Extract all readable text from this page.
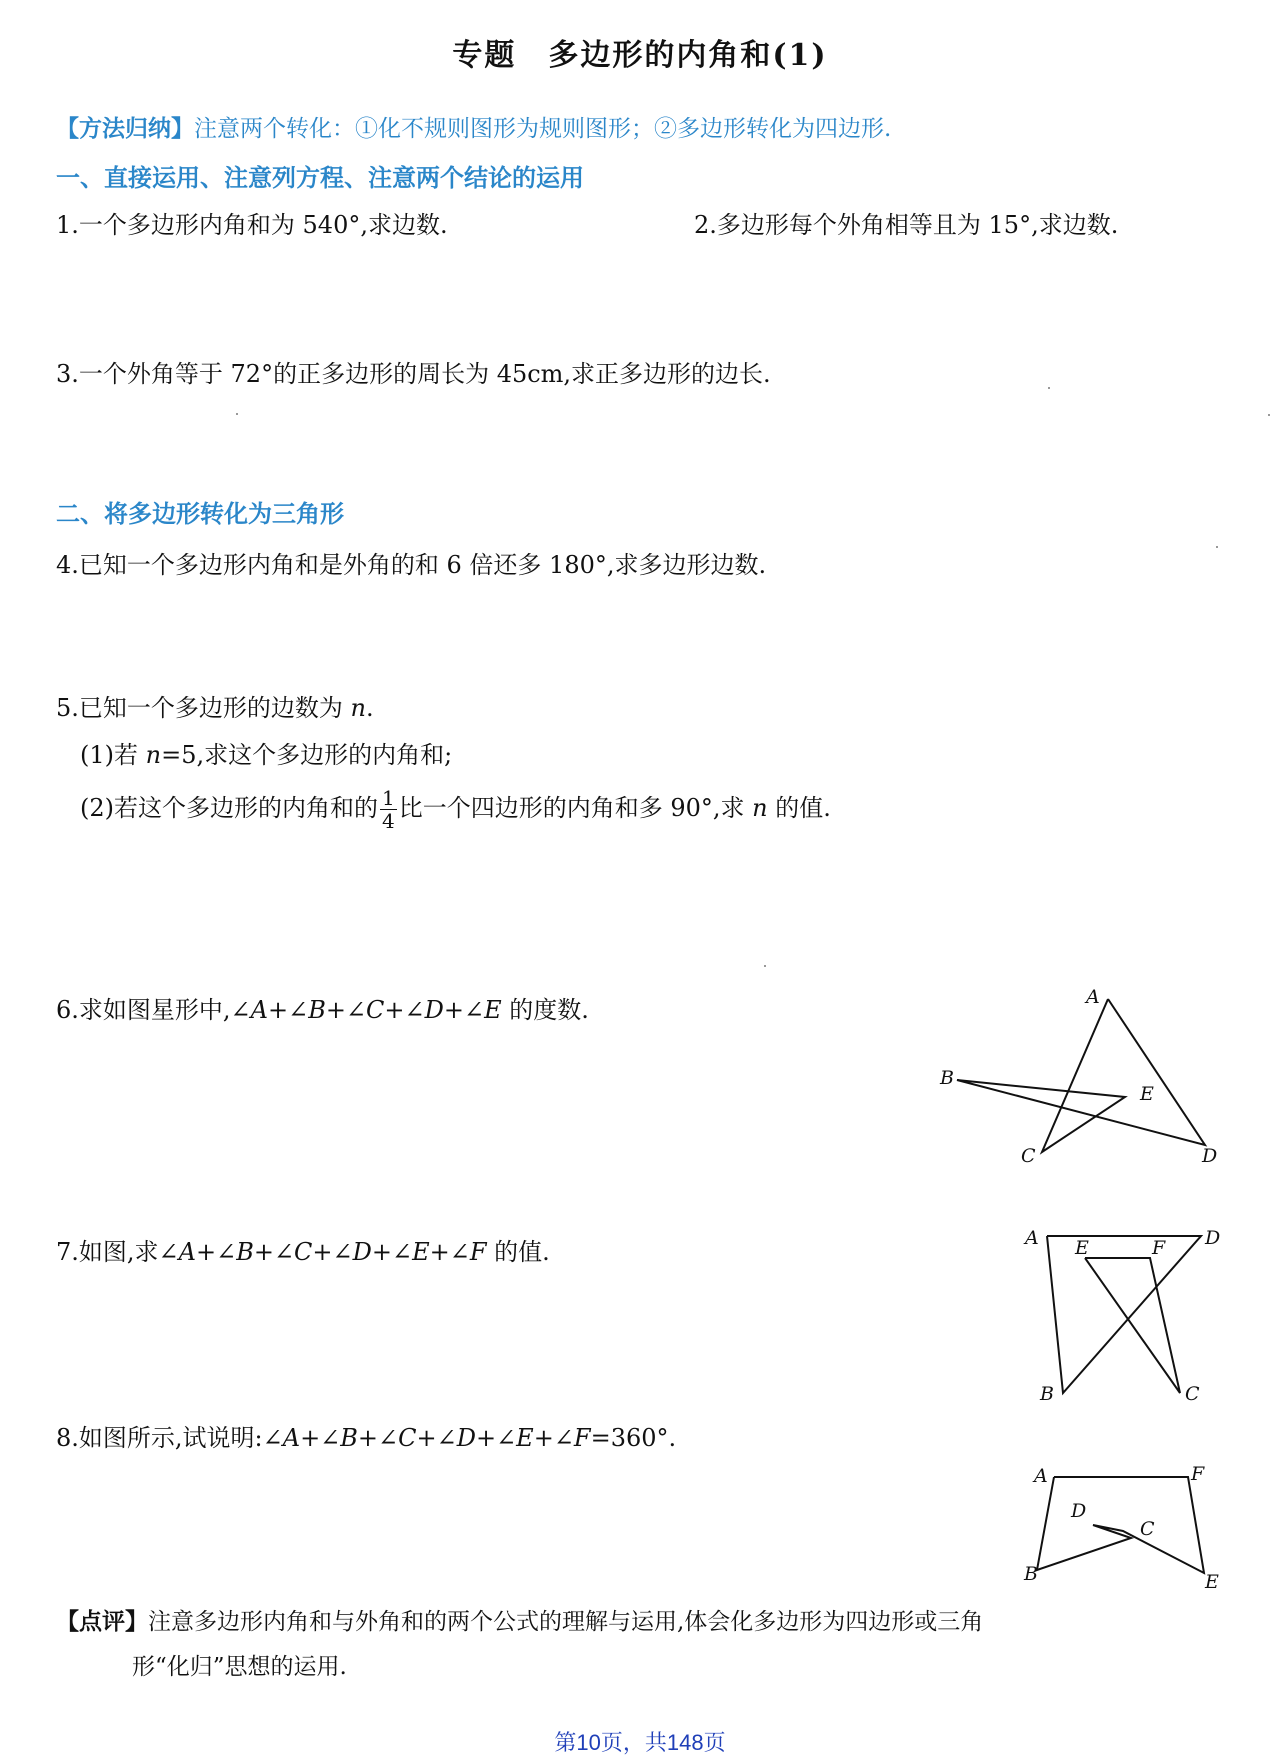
专题　多边形的内角和(1)
【方法归纳】注意两个转化：①化不规则图形为规则图形；②多边形转化为四边形.
一、直接运用、注意列方程、注意两个结论的运用
1.一个多边形内角和为 540°,求边数.	2.多边形每个外角相等且为 15°,求边数.
3.一个外角等于 72°的正多边形的周长为 45cm,求正多边形的边长.
二、将多边形转化为三角形
4.已知一个多边形内角和是外角的和 6 倍还多 180°,求多边形边数.
5.已知一个多边形的边数为 n.
(1)若 n=5,求这个多边形的内角和;
(2)若这个多边形的内角和的 $\frac{1}{4}$ 比一个四边形的内角和多 90°,求 n 的值.
6.求如图星形中,∠A+∠B+∠C+∠D+∠E 的度数.
7.如图,求∠A+∠B+∠C+∠D+∠E+∠F 的值.
8.如图所示,试说明:∠A+∠B+∠C+∠D+∠E+∠F=360°.
A
B
C	D
E
A	D
E	F
B	C
A	F
D
C
B	E
【点评】注意多边形内角和与外角和的两个公式的理解与运用,体会化多边形为四边形或三角
形“化归”思想的运用.
第10页，共148页
